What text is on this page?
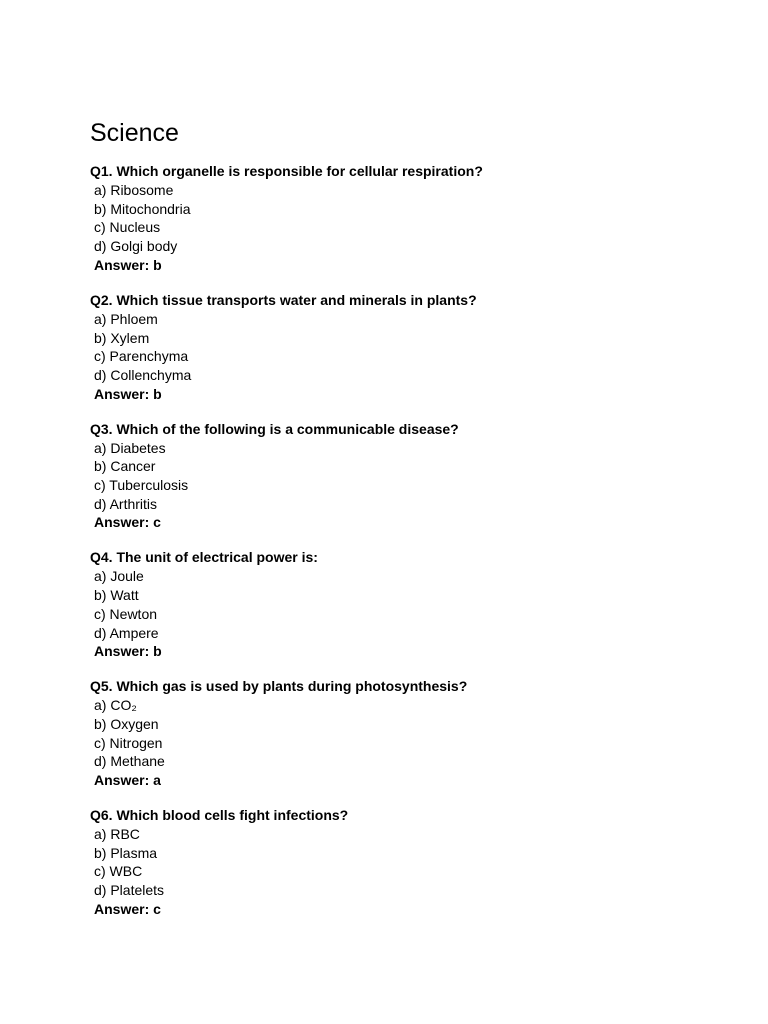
Science

Q1. Which organelle is responsible for cellular respiration?

a) Ribosome
b) Mitochondria
c) Nucleus
d) Golgi body
Answer: b

Q2. Which tissue transports water and minerals in plants?

a) Phloem
b) Xylem
c) Parenchyma
d) Collenchyma
Answer: b

Q3. Which of the following is a communicable disease?

a) Diabetes
b) Cancer
c) Tuberculosis
d) Arthritis
Answer: c

Q4. The unit of electrical power is:

a) Joule
b) Watt
c) Newton
d) Ampere
Answer: b

Q5. Which gas is used by plants during photosynthesis?

a) CO₂
b) Oxygen
c) Nitrogen
d) Methane
Answer: a

Q6. Which blood cells fight infections?

a) RBC
b) Plasma
c) WBC
d) Platelets
Answer: c
